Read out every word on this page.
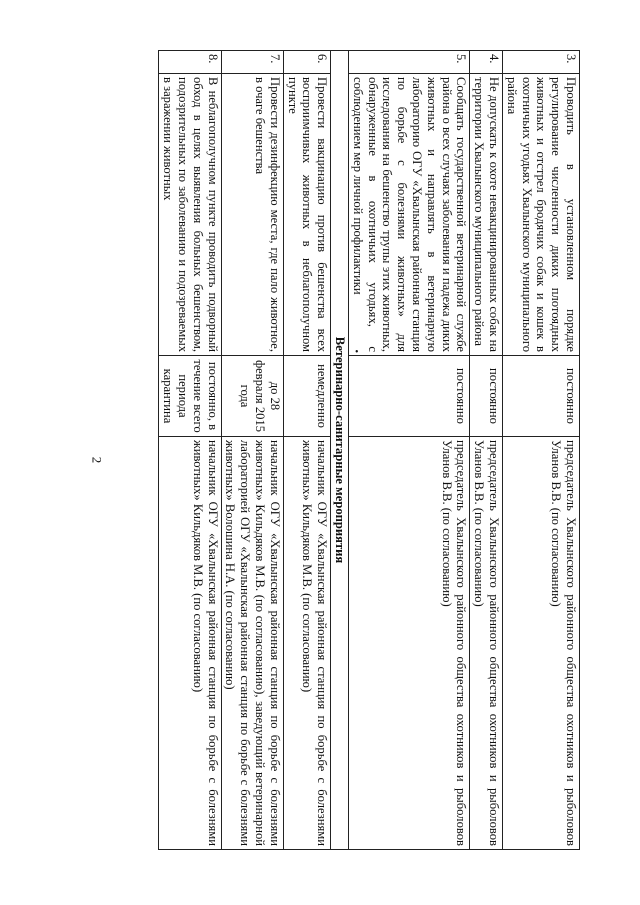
2
•
3.	Проводить в установленном порядке регулирование численности диких плотоядных животных и отстрел бродячих собак и кошек в охотничьих угодьях Хвалынского муниципального района	постоянно	председатель Хвалынского районного общества охотников и рыболовов Уланов В.В. (по согласованию)
4.	Не допускать к охоте невакцинированных собак на территории Хвалынского муниципального района	постоянно	председатель Хвалынского районного общества охотников и рыболовов Уланов В.В. (по согласованию)
5.	Сообщать государственной ветеринарной службе района о всех случаях заболевания и падежа диких животных и направлять в ветеринарную лабораторию ОГУ «Хвалынская районная станция по борьбе с болезнями животных» для исследования на бешенство трупы этих животных, обнаруженные в охотничьих угодьях, с соблюдением мер личной профилактики	постоянно	председатель Хвалынского районного общества охотников и рыболовов Уланов В.В. (по согласованию)
Ветеринарно-санитарные мероприятия			
6.	Провести вакцинацию против бешенства всех восприимчивых животных в неблагополучном пункте	немедленно	начальник ОГУ «Хвалынская районная станция по борьбе с болезнями животных» Кильдяков М.В. (по согласованию)
7.	Провести дезинфекцию места, где пало животное, в очаге бешенства	до 28 февраля 2015 года	начальник ОГУ «Хвалынская районная станция по борьбе с болезнями животных» Кильдяков М.В. (по согласованию), заведующий ветеринарной лабораторией ОГУ «Хвалынская районная станция по борьбе с болезнями животных» Волошина Н.А. (по согласованию)
8.	В неблагополучном пункте проводить подворный обход в целях выявления больных бешенством, подозрительных по заболеванию и подозреваемых в заражении животных	постоянно, в течение всего периода карантина	начальник ОГУ «Хвалынская районная станция по борьбе с болезнями животных» Кильдяков М.В. (по согласованию)
